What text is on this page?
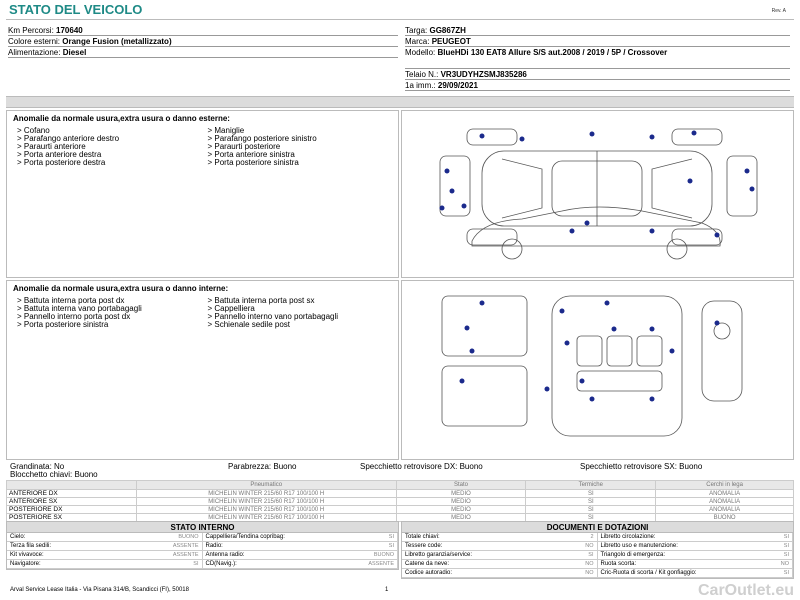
STATO DEL VEICOLO	Rev. A
Km Percorsi: 170640
Colore esterni: Orange Fusion (metallizzato)
Alimentazione: Diesel
Targa: GG867ZH
Marca: PEUGEOT
Modello: BlueHDi 130 EAT8 Allure S/S aut.2008 / 2019 / 5P / Crossover
Telaio N.: VR3UDYHZSMJ835286
1a imm.: 29/09/2021
Anomalie da normale usura,extra usura o danno esterne:
> Cofano
> Parafango anteriore destro
> Paraurti anteriore
> Porta anteriore destra
> Porta posteriore destra
> Maniglie
> Parafango posteriore sinistro
> Paraurti posteriore
> Porta anteriore sinistra
> Porta posteriore sinistra
Anomalie da normale usura,extra usura o danno interne:
> Battuta interna porta post dx
> Battuta interna vano portabagagli
> Pannello interno porta post dx
> Porta posteriore sinistra
> Battuta interna porta post sx
> Cappelliera
> Pannello interno vano portabagagli
> Schienale sedile post
Grandinata: No	Parabrezza: Buono	Specchietto retrovisore DX: Buono	Specchietto retrovisore SX: Buono
Blocchetto chiavi: Buono
	Pneumatico	Stato	Termiche	Cerchi in lega
ANTERIORE DX	MICHELIN WINTER 215/60 R17 100/100 H	MEDIO	SI	ANOMALIA
ANTERIORE SX	MICHELIN WINTER 215/60 R17 100/100 H	MEDIO	SI	ANOMALIA
POSTERIORE DX	MICHELIN WINTER 215/60 R17 100/100 H	MEDIO	SI	ANOMALIA
POSTERIORE SX	MICHELIN WINTER 215/60 R17 100/100 H	MEDIO	SI	BUONO
STATO INTERNO
Cielo:	BUONO Cappelliera/Tendina copribag:	SI
Terza fila sedili:	ASSENTE Radio:	SI
Kit vivavoce:	ASSENTE Antenna radio:	BUONO
Navigatore:	SI CD(Navig.):	ASSENTE
DOCUMENTI E DOTAZIONI
Totale chiavi:	2 Libretto circolazione:	SI
Tessere code:	NO Libretto uso e manutenzione:	SI
Libretto garanzia/service:	SI Triangolo di emergenza:	SI
Catene da neve:	NO Ruota scorta:	NO
Codice autoradio:	NO Cric-Ruota di scorta / Kit gonfiaggio:	SI
Arval Service Lease Italia - Via Pisana 314/B, Scandicci (FI), 50018	1	CarOutlet.eu
